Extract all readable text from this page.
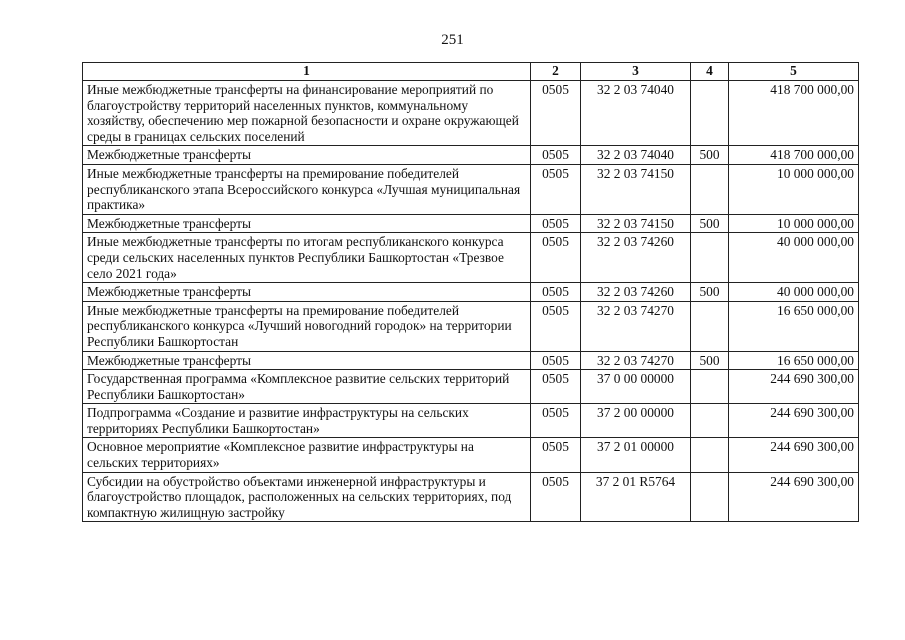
251
1	2	3	4	5
Иные межбюджетные трансферты на финансирование мероприятий по благоустройству территорий населенных пунктов, коммунальному хозяйству, обеспечению мер пожарной безопасности и охране окружающей среды в границах сельских поселений	0505	32 2 03 74040		418 700 000,00
Межбюджетные трансферты	0505	32 2 03 74040	500	418 700 000,00
Иные межбюджетные трансферты на премирование победителей республиканского этапа Всероссийского конкурса «Лучшая муниципальная практика»	0505	32 2 03 74150		10 000 000,00
Межбюджетные трансферты	0505	32 2 03 74150	500	10 000 000,00
Иные межбюджетные трансферты по итогам республиканского конкурса среди сельских населенных пунктов Республики Башкортостан «Трезвое село 2021 года»	0505	32 2 03 74260		40 000 000,00
Межбюджетные трансферты	0505	32 2 03 74260	500	40 000 000,00
Иные межбюджетные трансферты на премирование победителей республиканского конкурса «Лучший новогодний городок» на территории Республики Башкортостан	0505	32 2 03 74270		16 650 000,00
Межбюджетные трансферты	0505	32 2 03 74270	500	16 650 000,00
Государственная программа «Комплексное развитие сельских территорий Республики Башкортостан»	0505	37 0 00 00000		244 690 300,00
Подпрограмма «Создание и развитие инфраструктуры на сельских территориях Республики Башкортостан»	0505	37 2 00 00000		244 690 300,00
Основное мероприятие «Комплексное развитие инфраструктуры на сельских территориях»	0505	37 2 01 00000		244 690 300,00
Субсидии на обустройство объектами инженерной инфраструктуры и благоустройство площадок, расположенных на сельских территориях, под компактную жилищную застройку	0505	37 2 01 R5764		244 690 300,00
